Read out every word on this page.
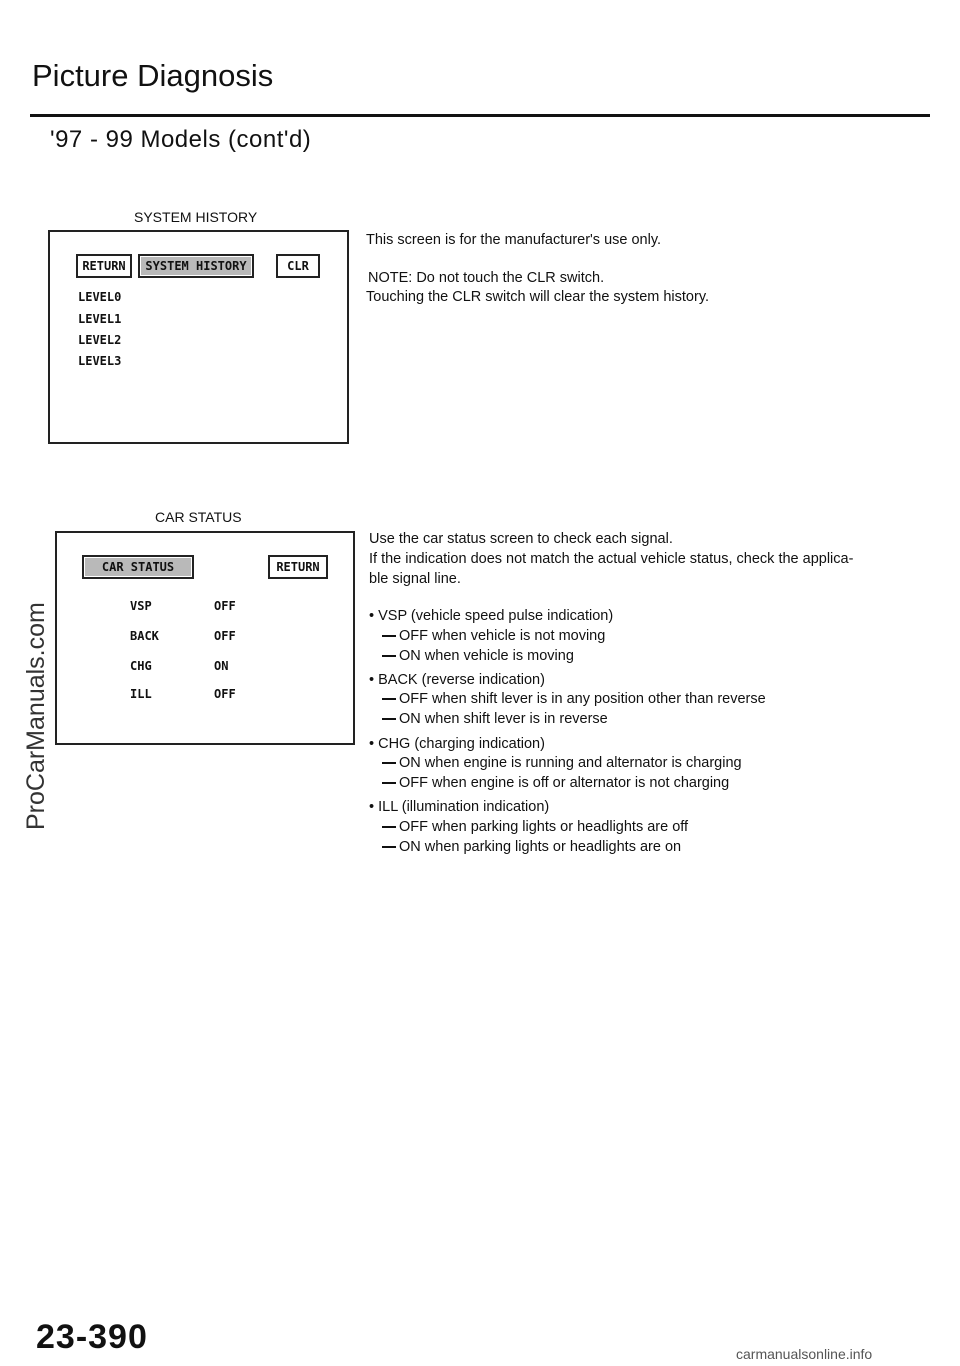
Picture Diagnosis
'97 - 99 Models (cont'd)
SYSTEM HISTORY
RETURN	SYSTEM HISTORY	CLR
LEVEL0
LEVEL1
LEVEL2
LEVEL3
This screen is for the manufacturer's use only.
NOTE: Do not touch the CLR switch.
Touching the CLR switch will clear the system history.
CAR STATUS
CAR STATUS	RETURN
VSP	OFF
BACK	OFF
CHG	ON
ILL	OFF
Use the car status screen to check each signal.
If the indication does not match the actual vehicle status, check the applica-
ble signal line.
• VSP (vehicle speed pulse indication)
OFF when vehicle is not moving
ON when vehicle is moving
• BACK (reverse indication)
OFF when shift lever is in any position other than reverse
ON when shift lever is in reverse
• CHG (charging indication)
ON when engine is running and alternator is charging
OFF when engine is off or alternator is not charging
• ILL (illumination indication)
OFF when parking lights or headlights are off
ON when parking lights or headlights are on
ProCarManuals.com
23-390	carmanualsonline.info
